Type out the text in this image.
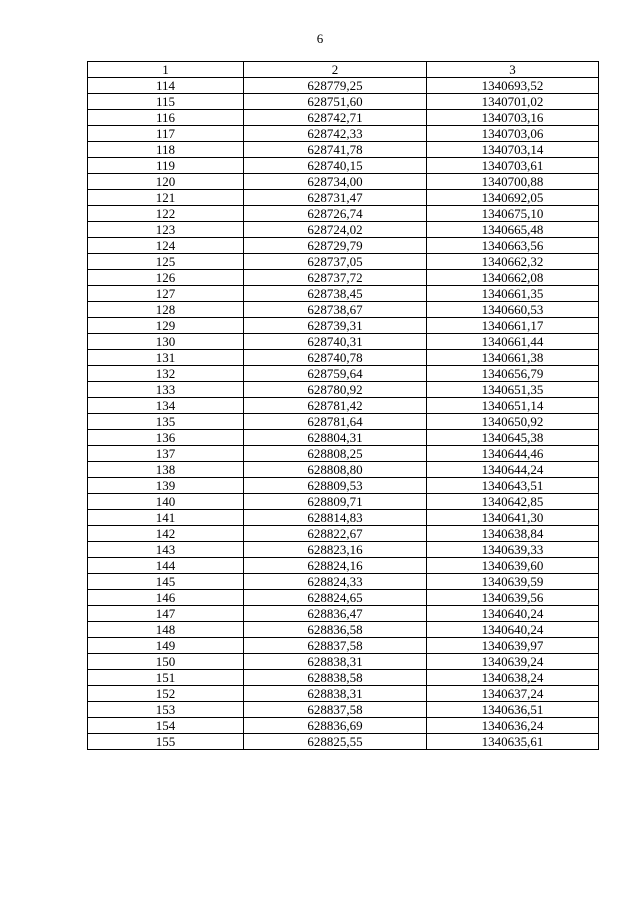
6
1	2	3
114	628779,25	1340693,52
115	628751,60	1340701,02
116	628742,71	1340703,16
117	628742,33	1340703,06
118	628741,78	1340703,14
119	628740,15	1340703,61
120	628734,00	1340700,88
121	628731,47	1340692,05
122	628726,74	1340675,10
123	628724,02	1340665,48
124	628729,79	1340663,56
125	628737,05	1340662,32
126	628737,72	1340662,08
127	628738,45	1340661,35
128	628738,67	1340660,53
129	628739,31	1340661,17
130	628740,31	1340661,44
131	628740,78	1340661,38
132	628759,64	1340656,79
133	628780,92	1340651,35
134	628781,42	1340651,14
135	628781,64	1340650,92
136	628804,31	1340645,38
137	628808,25	1340644,46
138	628808,80	1340644,24
139	628809,53	1340643,51
140	628809,71	1340642,85
141	628814,83	1340641,30
142	628822,67	1340638,84
143	628823,16	1340639,33
144	628824,16	1340639,60
145	628824,33	1340639,59
146	628824,65	1340639,56
147	628836,47	1340640,24
148	628836,58	1340640,24
149	628837,58	1340639,97
150	628838,31	1340639,24
151	628838,58	1340638,24
152	628838,31	1340637,24
153	628837,58	1340636,51
154	628836,69	1340636,24
155	628825,55	1340635,61
